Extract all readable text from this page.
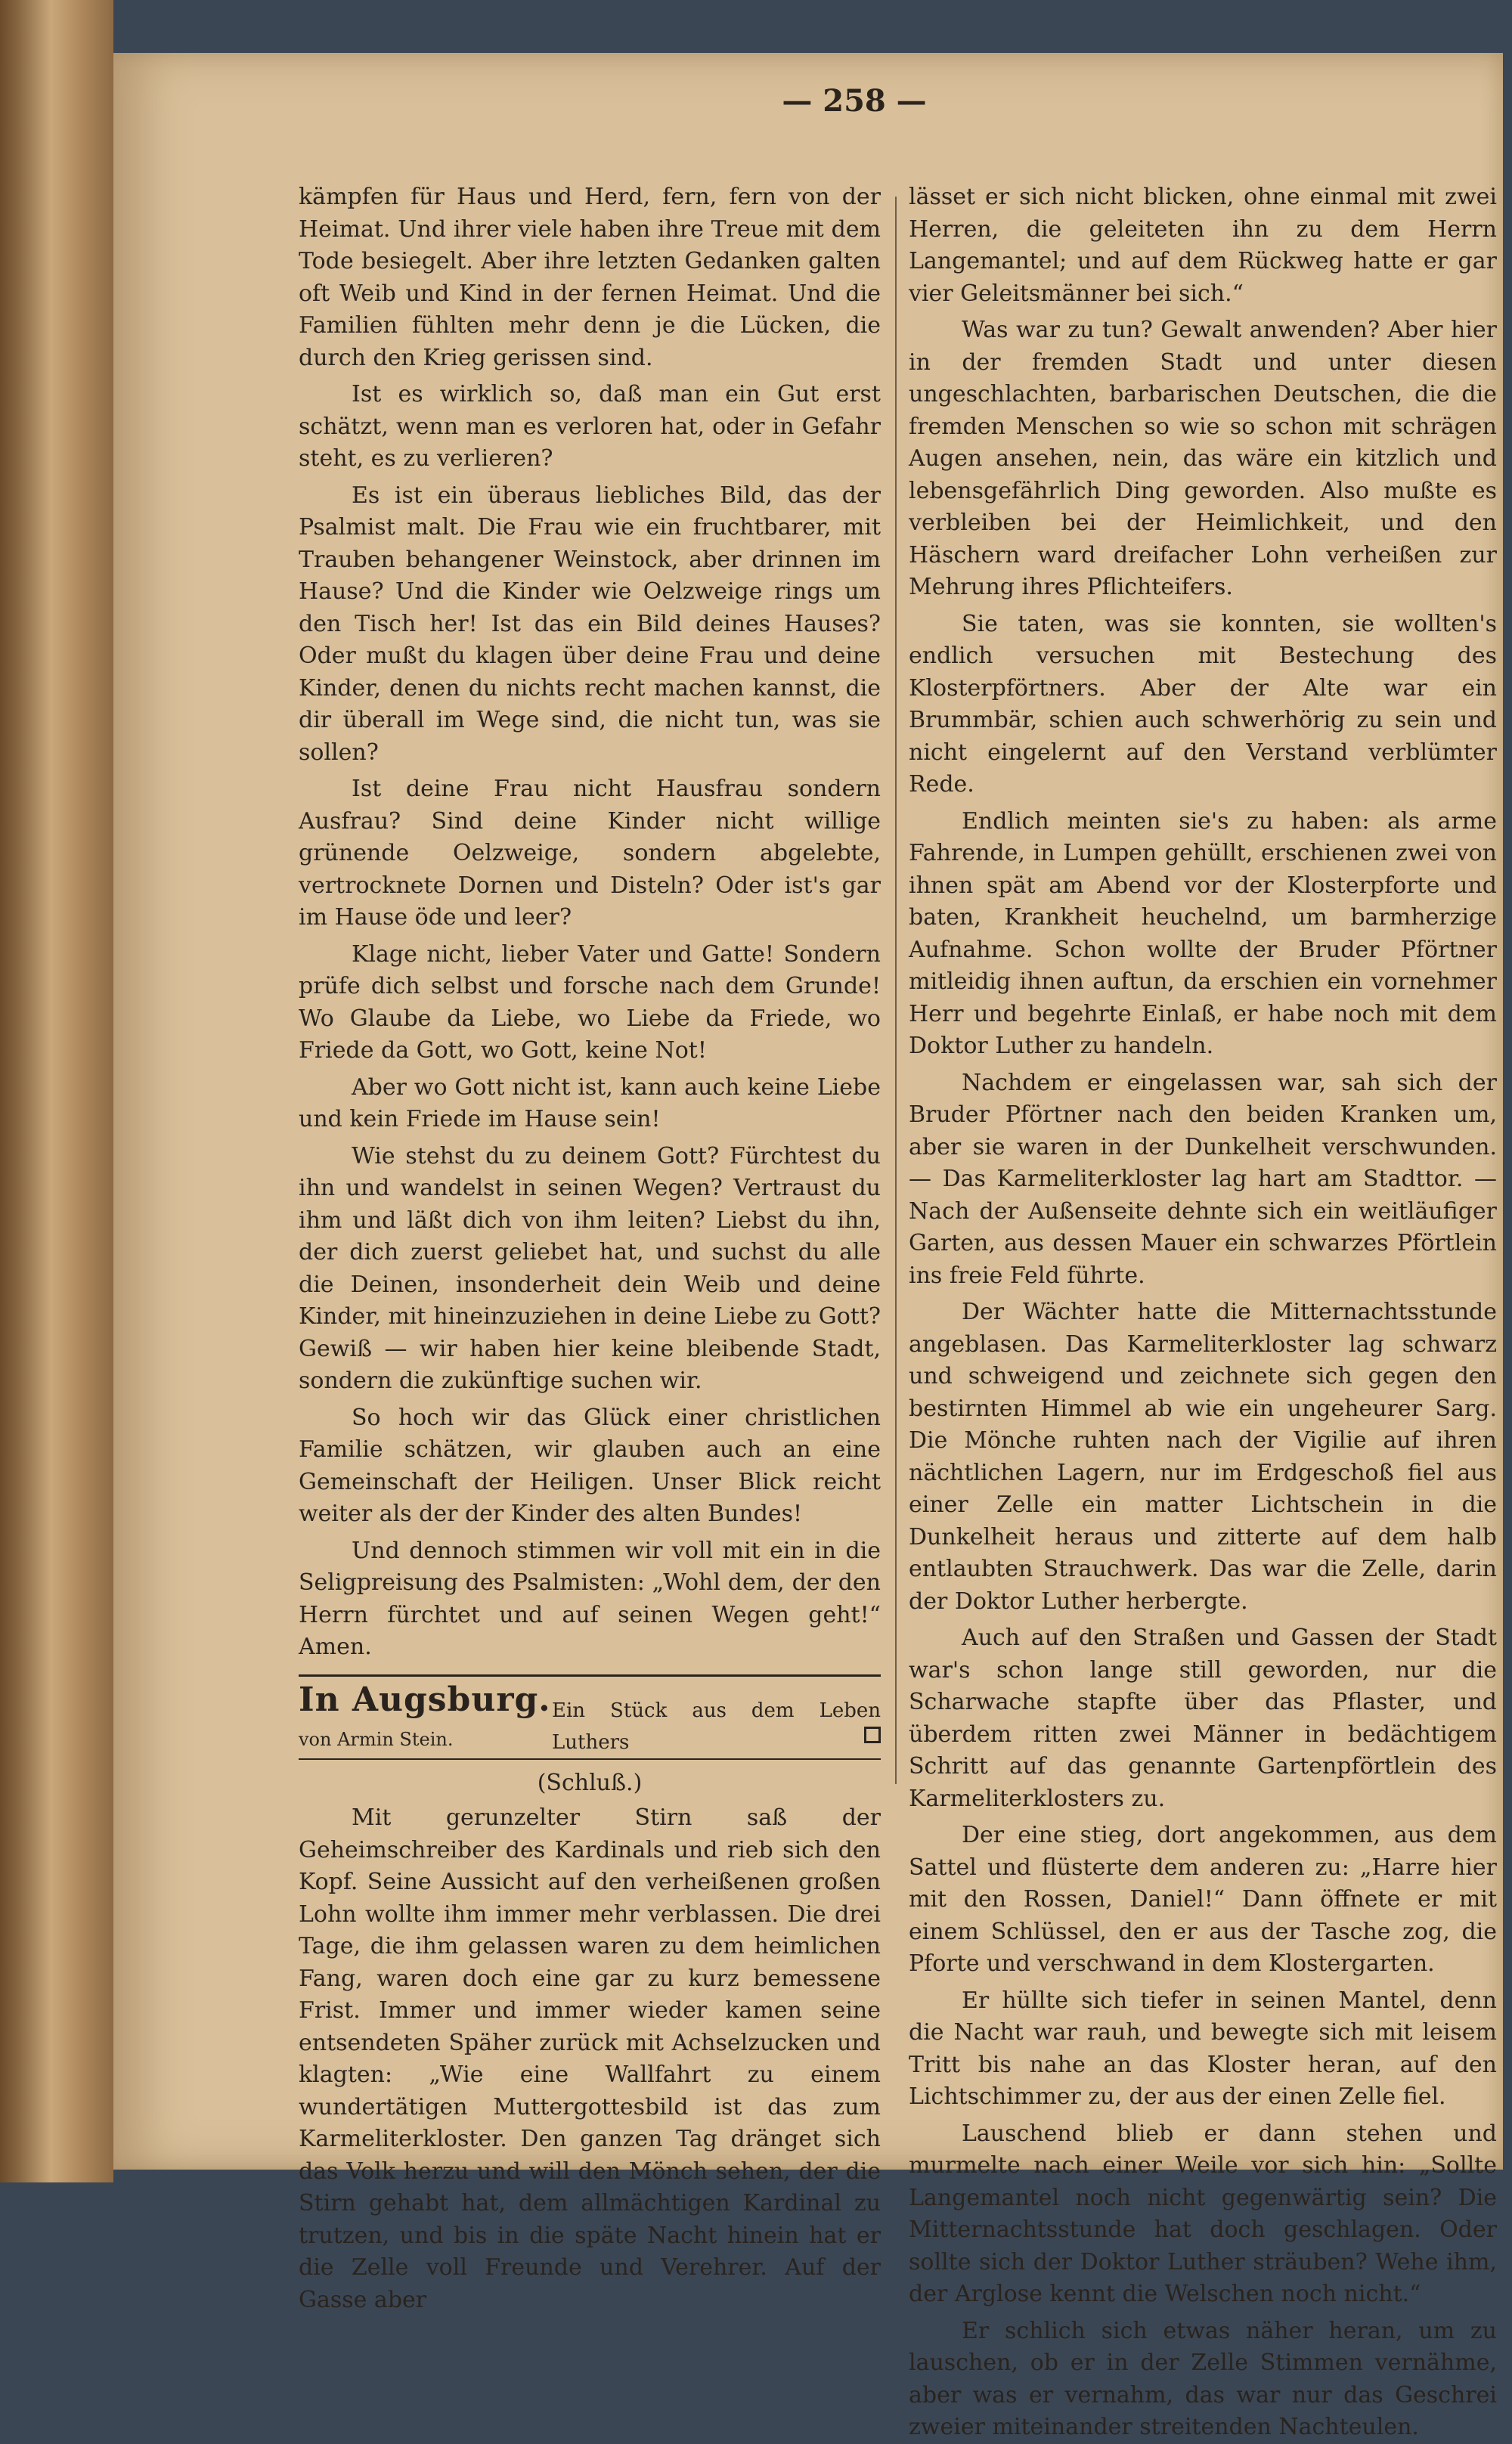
— 258 —

kämpfen für Haus und Herd, fern, fern von der Heimat. Und ihrer viele haben ihre Treue mit dem Tode besiegelt. Aber ihre letzten Gedanken galten oft Weib und Kind in der fernen Heimat. Und die Familien fühlten mehr denn je die Lücken, die durch den Krieg gerissen sind.

Ist es wirklich so, daß man ein Gut erst schätzt, wenn man es verloren hat, oder in Gefahr steht, es zu verlieren?

Es ist ein überaus liebliches Bild, das der Psalmist malt. Die Frau wie ein fruchtbarer, mit Trauben behangener Weinstock, aber drinnen im Hause? Und die Kinder wie Oelzweige rings um den Tisch her! Ist das ein Bild deines Hauses? Oder mußt du klagen über deine Frau und deine Kinder, denen du nichts recht machen kannst, die dir überall im Wege sind, die nicht tun, was sie sollen?

Ist deine Frau nicht Hausfrau sondern Ausfrau? Sind deine Kinder nicht willige grünende Oelzweige, sondern abgelebte, vertrocknete Dornen und Disteln? Oder ist's gar im Hause öde und leer?

Klage nicht, lieber Vater und Gatte! Sondern prüfe dich selbst und forsche nach dem Grunde! Wo Glaube da Liebe, wo Liebe da Friede, wo Friede da Gott, wo Gott, keine Not!

Aber wo Gott nicht ist, kann auch keine Liebe und kein Friede im Hause sein!

Wie stehst du zu deinem Gott? Fürchtest du ihn und wandelst in seinen Wegen? Vertraust du ihm und läßt dich von ihm leiten? Liebst du ihn, der dich zuerst geliebet hat, und suchst du alle die Deinen, insonderheit dein Weib und deine Kinder, mit hineinzuziehen in deine Liebe zu Gott? Gewiß — wir haben hier keine bleibende Stadt, sondern die zukünftige suchen wir.

So hoch wir das Glück einer christlichen Familie schätzen, wir glauben auch an eine Gemeinschaft der Heiligen. Unser Blick reicht weiter als der der Kinder des alten Bundes!

Und dennoch stimmen wir voll mit ein in die Seligpreisung des Psalmisten: „Wohl dem, der den Herrn fürchtet und auf seinen Wegen geht!“ Amen.

In Augsburg. Ein Stück aus dem Leben Luthers
von Armin Stein.
(Schluß.)

Mit gerunzelter Stirn saß der Geheimschreiber des Kardinals und rieb sich den Kopf. Seine Aussicht auf den verheißenen großen Lohn wollte ihm immer mehr verblassen. Die drei Tage, die ihm gelassen waren zu dem heimlichen Fang, waren doch eine gar zu kurz bemessene Frist. Immer und immer wieder kamen seine entsendeten Späher zurück mit Achselzucken und klagten: „Wie eine Wallfahrt zu einem wundertätigen Muttergottesbild ist das zum Karmeliterkloster. Den ganzen Tag dränget sich das Volk herzu und will den Mönch sehen, der die Stirn gehabt hat, dem allmächtigen Kardinal zu trutzen, und bis in die späte Nacht hinein hat er die Zelle voll Freunde und Verehrer. Auf der Gasse aber

lässet er sich nicht blicken, ohne einmal mit zwei Herren, die geleiteten ihn zu dem Herrn Langemantel; und auf dem Rückweg hatte er gar vier Geleitsmänner bei sich.“

Was war zu tun? Gewalt anwenden? Aber hier in der fremden Stadt und unter diesen ungeschlachten, barbarischen Deutschen, die die fremden Menschen so wie so schon mit schrägen Augen ansehen, nein, das wäre ein kitzlich und lebensgefährlich Ding geworden. Also mußte es verbleiben bei der Heimlichkeit, und den Häschern ward dreifacher Lohn verheißen zur Mehrung ihres Pflichteifers.

Sie taten, was sie konnten, sie wollten's endlich versuchen mit Bestechung des Klosterpförtners. Aber der Alte war ein Brummbär, schien auch schwerhörig zu sein und nicht eingelernt auf den Verstand verblümter Rede.

Endlich meinten sie's zu haben: als arme Fahrende, in Lumpen gehüllt, erschienen zwei von ihnen spät am Abend vor der Klosterpforte und baten, Krankheit heuchelnd, um barmherzige Aufnahme. Schon wollte der Bruder Pförtner mitleidig ihnen auftun, da erschien ein vornehmer Herr und begehrte Einlaß, er habe noch mit dem Doktor Luther zu handeln.

Nachdem er eingelassen war, sah sich der Bruder Pförtner nach den beiden Kranken um, aber sie waren in der Dunkelheit verschwunden. — Das Karmeliterkloster lag hart am Stadttor. — Nach der Außenseite dehnte sich ein weitläufiger Garten, aus dessen Mauer ein schwarzes Pförtlein ins freie Feld führte.

Der Wächter hatte die Mitternachtsstunde angeblasen. Das Karmeliterkloster lag schwarz und schweigend und zeichnete sich gegen den bestirnten Himmel ab wie ein ungeheurer Sarg. Die Mönche ruhten nach der Vigilie auf ihren nächtlichen Lagern, nur im Erdgeschoß fiel aus einer Zelle ein matter Lichtschein in die Dunkelheit heraus und zitterte auf dem halb entlaubten Strauchwerk. Das war die Zelle, darin der Doktor Luther herbergte.

Auch auf den Straßen und Gassen der Stadt war's schon lange still geworden, nur die Scharwache stapfte über das Pflaster, und überdem ritten zwei Männer in bedächtigem Schritt auf das genannte Gartenpförtlein des Karmeliterklosters zu.

Der eine stieg, dort angekommen, aus dem Sattel und flüsterte dem anderen zu: „Harre hier mit den Rossen, Daniel!“ Dann öffnete er mit einem Schlüssel, den er aus der Tasche zog, die Pforte und verschwand in dem Klostergarten.

Er hüllte sich tiefer in seinen Mantel, denn die Nacht war rauh, und bewegte sich mit leisem Tritt bis nahe an das Kloster heran, auf den Lichtschimmer zu, der aus der einen Zelle fiel.

Lauschend blieb er dann stehen und murmelte nach einer Weile vor sich hin: „Sollte Langemantel noch nicht gegenwärtig sein? Die Mitternachtsstunde hat doch geschlagen. Oder sollte sich der Doktor Luther sträuben? Wehe ihm, der Arglose kennt die Welschen noch nicht.“

Er schlich sich etwas näher heran, um zu lauschen, ob er in der Zelle Stimmen vernähme, aber was er vernahm, das war nur das Geschrei zweier miteinander streitenden Nachteulen.
